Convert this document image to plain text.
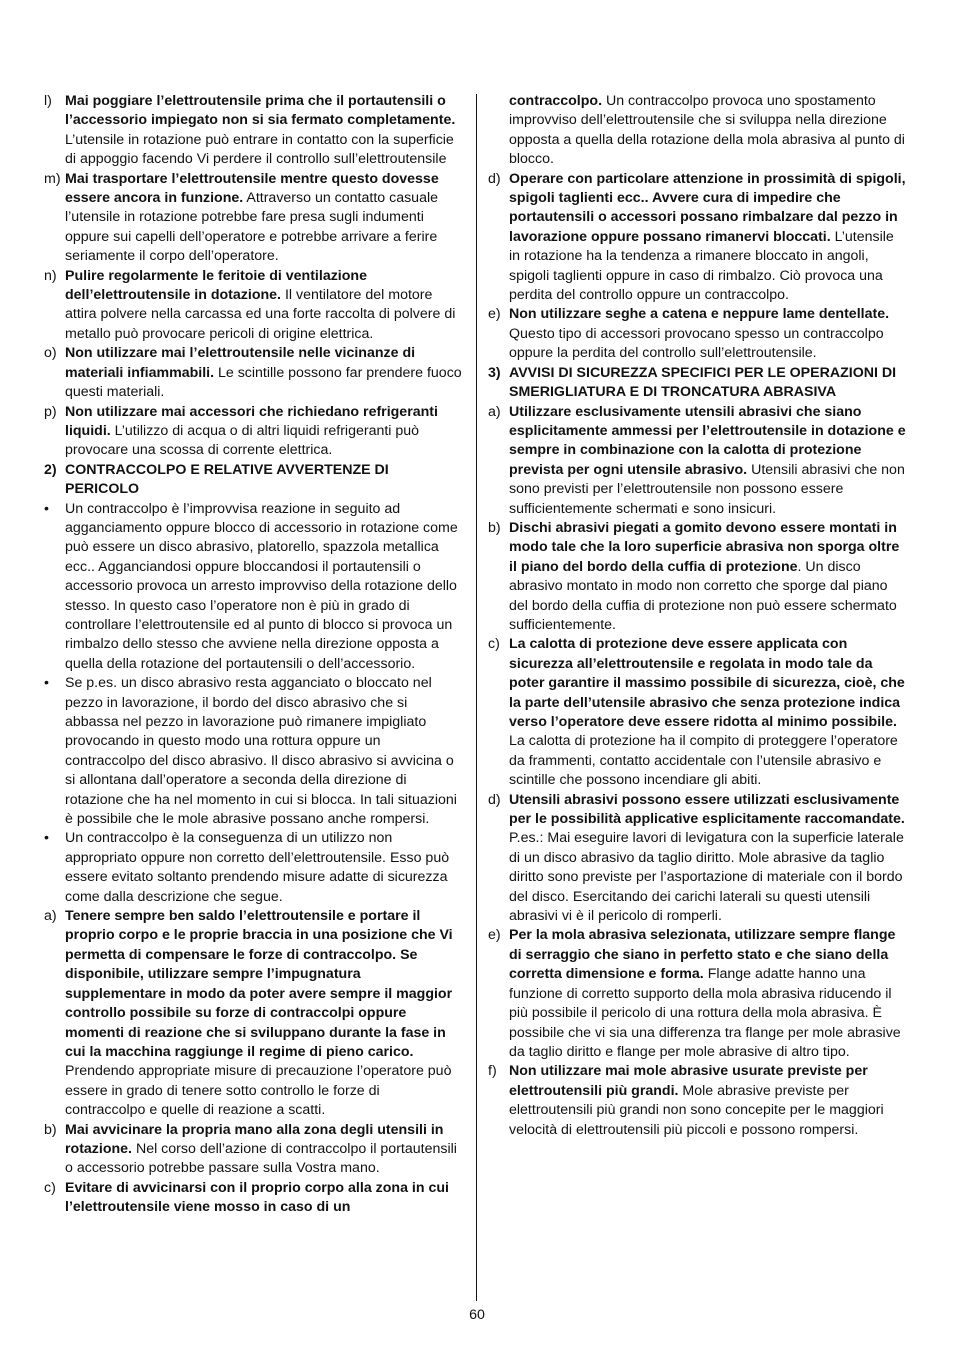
l) Mai poggiare l’elettroutensile prima che il portautensili o l’accessorio impiegato non si sia fermato completamente. L’utensile in rotazione può entrare in contatto con la superficie di appoggio facendo Vi perdere il controllo sull’elettroutensile
m) Mai trasportare l’elettroutensile mentre questo dovesse essere ancora in funzione. Attraverso un contatto casuale l’utensile in rotazione potrebbe fare presa sugli indumenti oppure sui capelli dell’operatore e potrebbe arrivare a ferire seriamente il corpo dell’operatore.
n) Pulire regolarmente le feritoie di ventilazione dell’elettroutensile in dotazione. Il ventilatore del motore attira polvere nella carcassa ed una forte raccolta di polvere di metallo può provocare pericoli di origine elettrica.
o) Non utilizzare mai l’elettroutensile nelle vicinanze di materiali infiammabili. Le scintille possono far prendere fuoco questi materiali.
p) Non utilizzare mai accessori che richiedano refrigeranti liquidi. L’utilizzo di acqua o di altri liquidi refrigeranti può provocare una scossa di corrente elettrica.
2) CONTRACCOLPO E RELATIVE AVVERTENZE DI PERICOLO
• Un contraccolpo è l’improvvisa reazione in seguito ad agganciamento oppure blocco di accessorio in rotazione come può essere un disco abrasivo, platorello, spazzola metallica ecc.. Agganciandosi oppure bloccandosi il portautensili o accessorio provoca un arresto improvviso della rotazione dello stesso. In questo caso l’operatore non è più in grado di controllare l’elettroutensile ed al punto di blocco si provoca un rimbalzo dello stesso che avviene nella direzione opposta a quella della rotazione del portautensili o dell’accessorio.
• Se p.es. un disco abrasivo resta agganciato o bloccato nel pezzo in lavorazione, il bordo del disco abrasivo che si abbassa nel pezzo in lavorazione può rimanere impigliato provocando in questo modo una rottura oppure un contraccolpo del disco abrasivo. Il disco abrasivo si avvicina o si allontana dall’operatore a seconda della direzione di rotazione che ha nel momento in cui si blocca. In tali situazioni è possibile che le mole abrasive possano anche rompersi.
• Un contraccolpo è la conseguenza di un utilizzo non appropriato oppure non corretto dell’elettroutensile. Esso può essere evitato soltanto prendendo misure adatte di sicurezza come dalla descrizione che segue.
a) Tenere sempre ben saldo l’elettroutensile e portare il proprio corpo e le proprie braccia in una posizione che Vi permetta di compensare le forze di contraccolpo. Se disponibile, utilizzare sempre l’impugnatura supplementare in modo da poter avere sempre il maggior controllo possibile su forze di contraccolpi oppure momenti di reazione che si sviluppano durante la fase in cui la macchina raggiunge il regime di pieno carico. Prendendo appropriate misure di precauzione l’operatore può essere in grado di tenere sotto controllo le forze di contraccolpo e quelle di reazione a scatti.
b) Mai avvicinare la propria mano alla zona degli utensili in rotazione. Nel corso dell’azione di contraccolpo il portautensili o accessorio potrebbe passare sulla Vostra mano.
c) Evitare di avvicinarsi con il proprio corpo alla zona in cui l’elettroutensile viene mosso in caso di un
contraccolpo. Un contraccolpo provoca uno spostamento improvviso dell’elettroutensile che si sviluppa nella direzione opposta a quella della rotazione della mola abrasiva al punto di blocco.
d) Operare con particolare attenzione in prossimità di spigoli, spigoli taglienti ecc.. Avvere cura di impedire che portautensili o accessori possano rimbalzare dal pezzo in lavorazione oppure possano rimanervi bloccati. L’utensile in rotazione ha la tendenza a rimanere bloccato in angoli, spigoli taglienti oppure in caso di rimbalzo. Ciò provoca una perdita del controllo oppure un contraccolpo.
e) Non utilizzare seghe a catena e neppure lame dentellate. Questo tipo di accessori provocano spesso un contraccolpo oppure la perdita del controllo sull’elettroutensile.
3) AVVISI DI SICUREZZA SPECIFICI PER LE OPERAZIONI DI SMERIGLIATURA E DI TRONCATURA ABRASIVA
a) Utilizzare esclusivamente utensili abrasivi che siano esplicitamente ammessi per l’elettroutensile in dotazione e sempre in combinazione con la calotta di protezione prevista per ogni utensile abrasivo. Utensili abrasivi che non sono previsti per l’elettroutensile non possono essere sufficientemente schermati e sono insicuri.
b) Dischi abrasivi piegati a gomito devono essere montati in modo tale che la loro superficie abrasiva non sporga oltre il piano del bordo della cuffia di protezione. Un disco abrasivo montato in modo non corretto che sporge dal piano del bordo della cuffia di protezione non può essere schermato sufficientemente.
c) La calotta di protezione deve essere applicata con sicurezza all’elettroutensile e regolata in modo tale da poter garantire il massimo possibile di sicurezza, cioè, che la parte dell’utensile abrasivo che senza protezione indica verso l’operatore deve essere ridotta al minimo possibile. La calotta di protezione ha il compito di proteggere l’operatore da frammenti, contatto accidentale con l’utensile abrasivo e scintille che possono incendiare gli abiti.
d) Utensili abrasivi possono essere utilizzati esclusivamente per le possibilità applicative esplicitamente raccomandate. P.es.: Mai eseguire lavori di levigatura con la superficie laterale di un disco abrasivo da taglio diritto. Mole abrasive da taglio diritto sono previste per l’asportazione di materiale con il bordo del disco. Esercitando dei carichi laterali su questi utensili abrasivi vi è il pericolo di romperli.
e) Per la mola abrasiva selezionata, utilizzare sempre flange di serraggio che siano in perfetto stato e che siano della corretta dimensione e forma. Flange adatte hanno una funzione di corretto supporto della mola abrasiva riducendo il più possibile il pericolo di una rottura della mola abrasiva. È possibile che vi sia una differenza tra flange per mole abrasive da taglio diritto e flange per mole abrasive di altro tipo.
f) Non utilizzare mai mole abrasive usurate previste per elettroutensili più grandi. Mole abrasive previste per elettroutensili più grandi non sono concepite per le maggiori velocità di elettroutensili più piccoli e possono rompersi.
60
